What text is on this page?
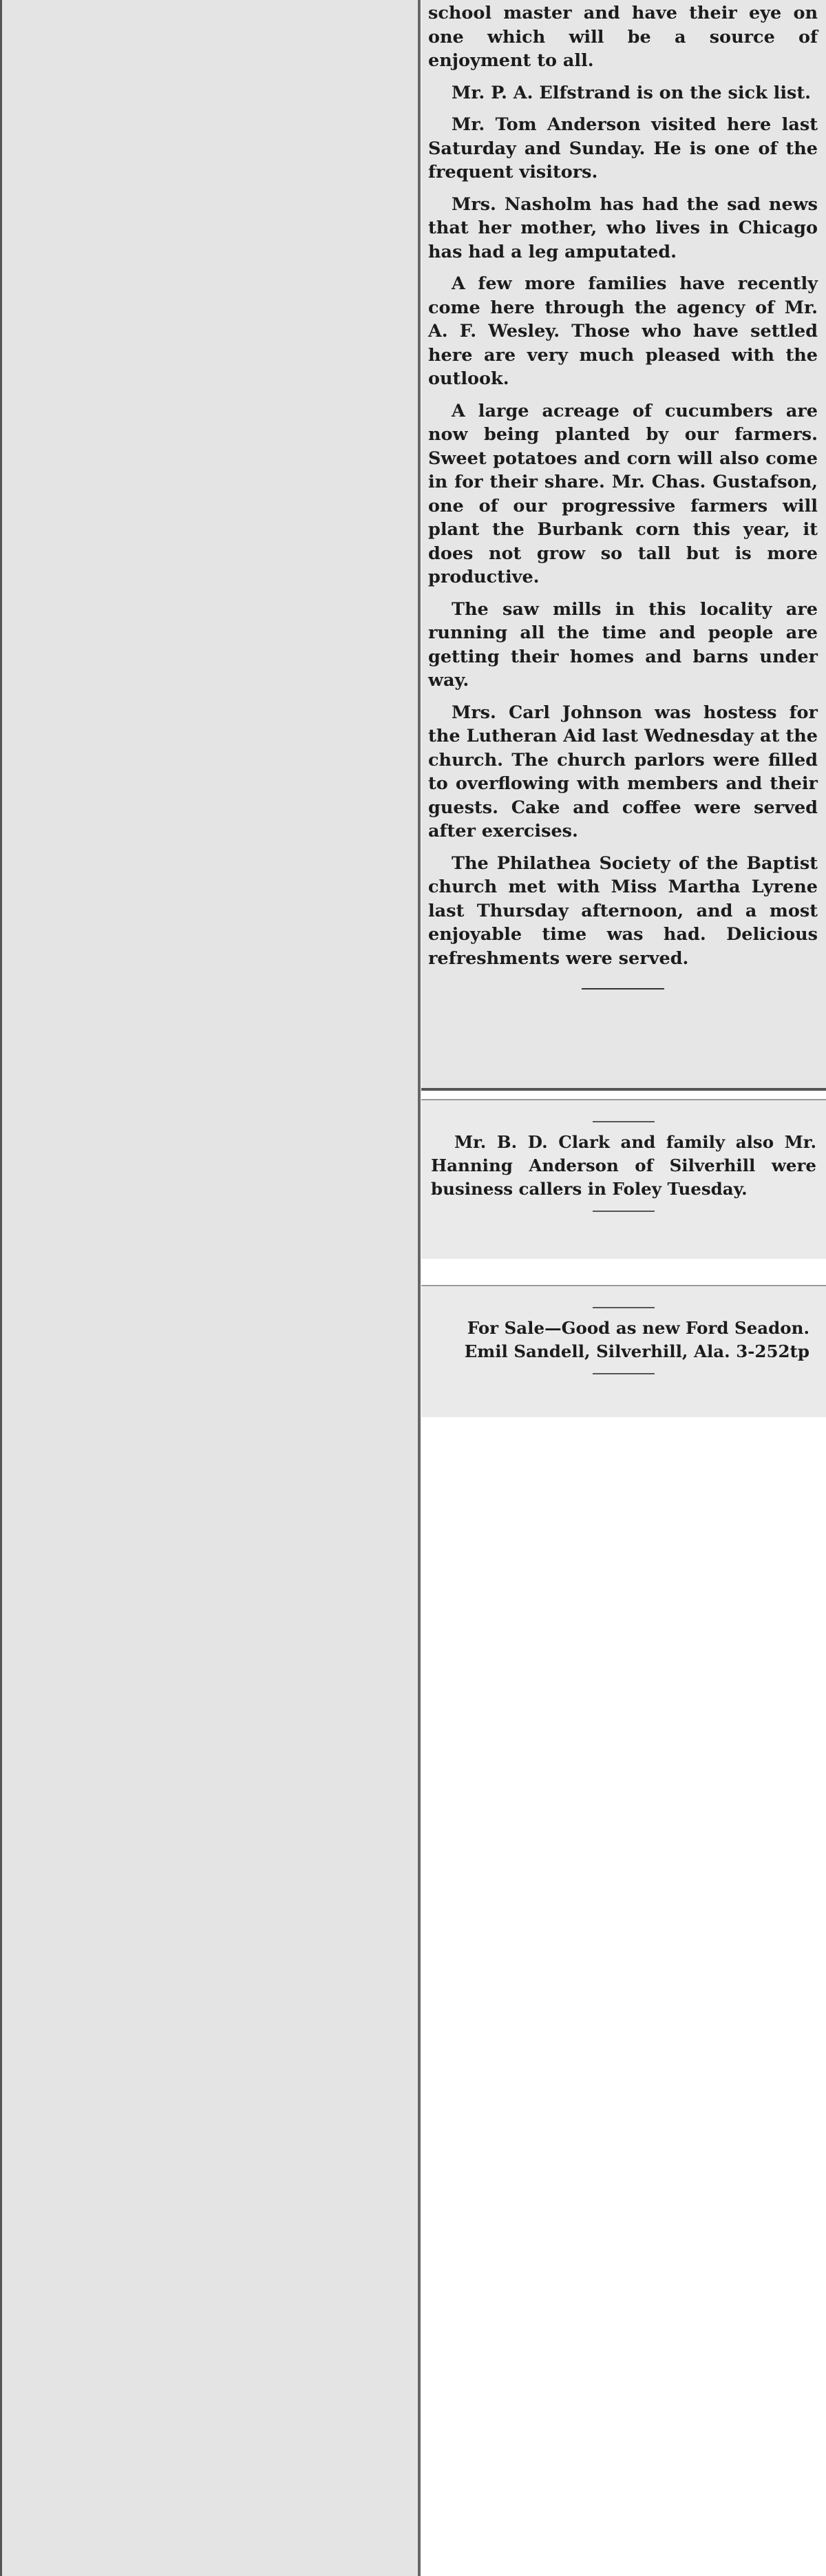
school master and have their eye on one which will be a source of enjoyment to all.

Mr. P. A. Elfstrand is on the sick list.

Mr. Tom Anderson visited here last Saturday and Sunday. He is one of the frequent visitors.

Mrs. Nasholm has had the sad news that her mother, who lives in Chicago has had a leg amputated.

A few more families have recently come here through the agency of Mr. A. F. Wesley. Those who have settled here are very much pleased with the outlook.

A large acreage of cucumbers are now being planted by our farmers. Sweet potatoes and corn will also come in for their share. Mr. Chas. Gustafson, one of our progressive farmers will plant the Burbank corn this year, it does not grow so tall but is more productive.

The saw mills in this locality are running all the time and people are getting their homes and barns under way.

Mrs. Carl Johnson was hostess for the Lutheran Aid last Wednesday at the church. The church parlors were filled to overflowing with members and their guests. Cake and coffee were served after exercises.

The Philathea Society of the Baptist church met with Miss Martha Lyrene last Thursday afternoon, and a most enjoyable time was had. Delicious refreshments were served.

Mr. B. D. Clark and family also Mr. Hanning Anderson of Silverhill were business callers in Foley Tuesday.

For Sale—Good as new Ford Seadon.
Emil Sandell, Silverhill, Ala. 3-252tp
